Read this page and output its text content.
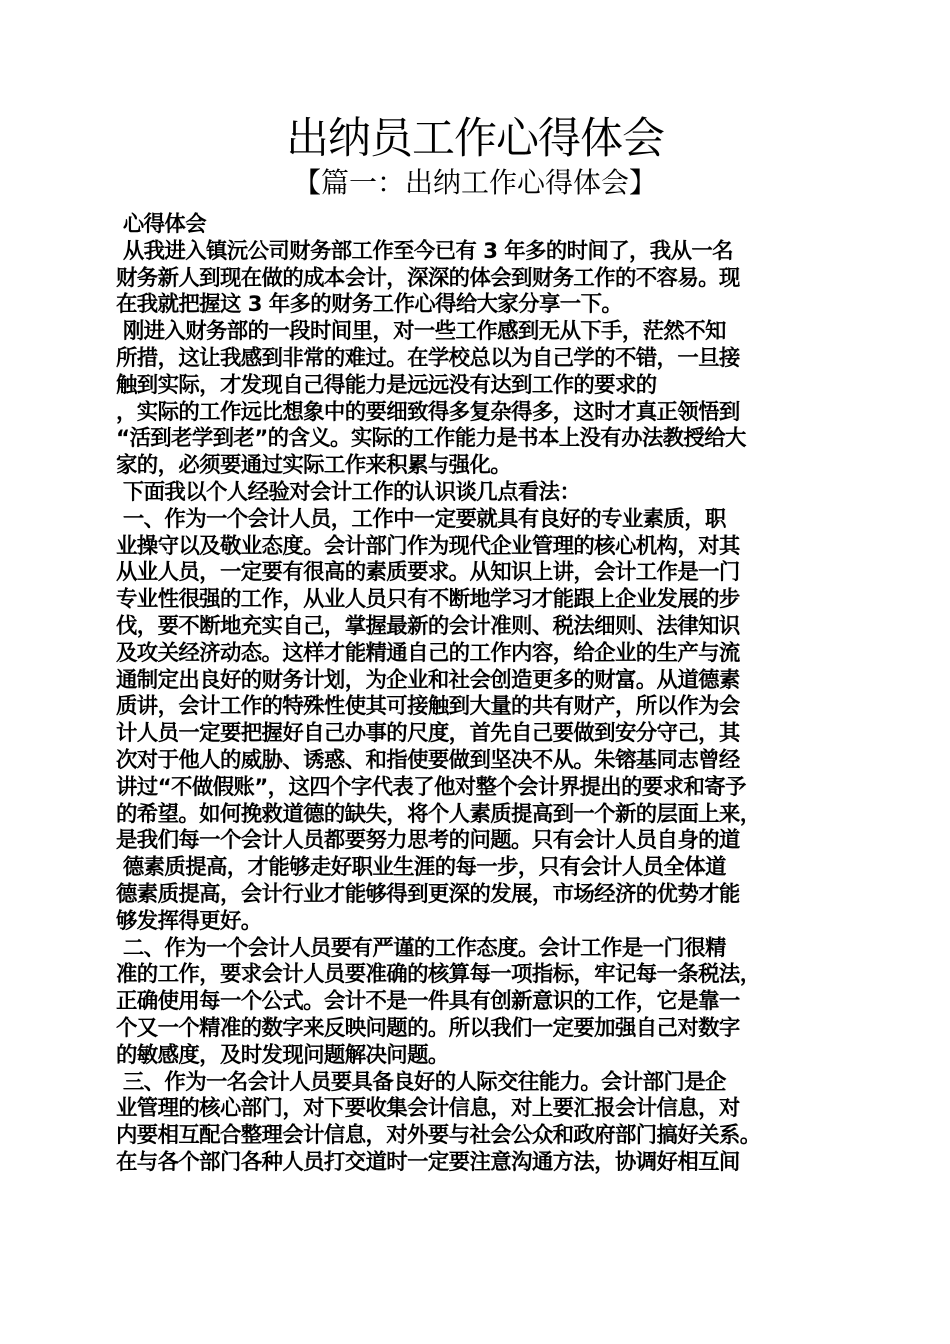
出纳员工作心得体会
【篇一：出纳工作心得体会】
心得体会
从我进入镇沅公司财务部工作至今已有 3 年多的时间了，我从一名
财务新人到现在做的成本会计，深深的体会到财务工作的不容易。现
在我就把握这 3 年多的财务工作心得给大家分享一下。
刚进入财务部的一段时间里，对一些工作感到无从下手，茫然不知
所措，这让我感到非常的难过。在学校总以为自己学的不错，一旦接
触到实际，才发现自己得能力是远远没有达到工作的要求的
，实际的工作远比想象中的要细致得多复杂得多，这时才真正领悟到
“活到老学到老”的含义。实际的工作能力是书本上没有办法教授给大
家的，必须要通过实际工作来积累与强化。
下面我以个人经验对会计工作的认识谈几点看法：
一、作为一个会计人员，工作中一定要就具有良好的专业素质，职
业操守以及敬业态度。会计部门作为现代企业管理的核心机构，对其
从业人员，一定要有很高的素质要求。从知识上讲，会计工作是一门
专业性很强的工作，从业人员只有不断地学习才能跟上企业发展的步
伐，要不断地充实自己，掌握最新的会计准则、税法细则、法律知识
及攻关经济动态。这样才能精通自己的工作内容，给企业的生产与流
通制定出良好的财务计划，为企业和社会创造更多的财富。从道德素
质讲，会计工作的特殊性使其可接触到大量的共有财产，所以作为会
计人员一定要把握好自己办事的尺度，首先自己要做到安分守己，其
次对于他人的威胁、诱惑、和指使要做到坚决不从。朱镕基同志曾经
讲过“不做假账”，这四个字代表了他对整个会计界提出的要求和寄予
的希望。如何挽救道德的缺失，将个人素质提高到一个新的层面上来，
是我们每一个会计人员都要努力思考的问题。只有会计人员自身的道
德素质提高，才能够走好职业生涯的每一步，只有会计人员全体道
德素质提高，会计行业才能够得到更深的发展，市场经济的优势才能
够发挥得更好。
二、作为一个会计人员要有严谨的工作态度。会计工作是一门很精
准的工作，要求会计人员要准确的核算每一项指标，牢记每一条税法，
正确使用每一个公式。会计不是一件具有创新意识的工作，它是靠一
个又一个精准的数字来反映问题的。所以我们一定要加强自己对数字
的敏感度，及时发现问题解决问题。
三、作为一名会计人员要具备良好的人际交往能力。会计部门是企
业管理的核心部门，对下要收集会计信息，对上要汇报会计信息，对
内要相互配合整理会计信息，对外要与社会公众和政府部门搞好关系。
在与各个部门各种人员打交道时一定要注意沟通方法，协调好相互间
